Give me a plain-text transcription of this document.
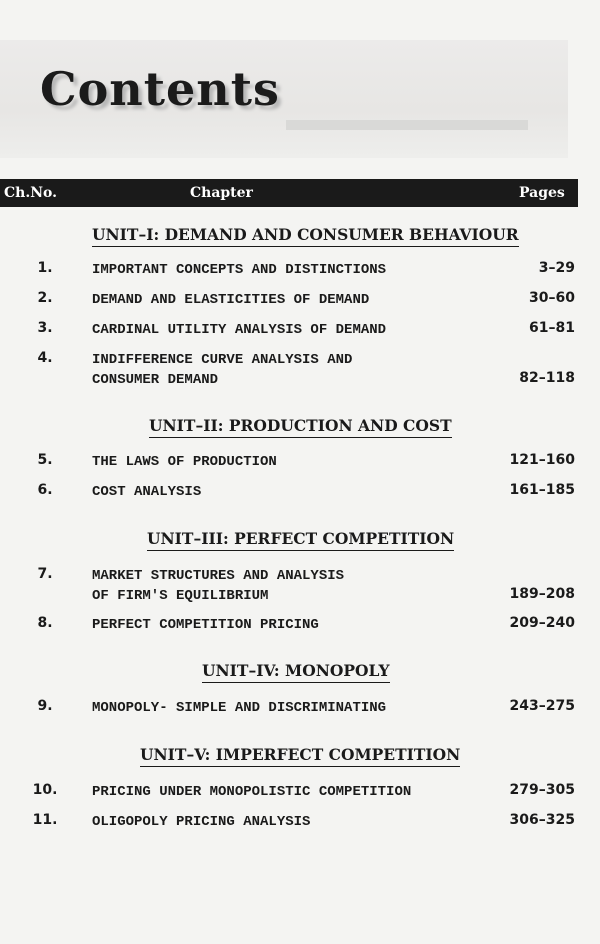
Contents
Ch.No.	Chapter	Pages
UNIT–I: DEMAND AND CONSUMER BEHAVIOUR
1.	IMPORTANT CONCEPTS AND DISTINCTIONS	3–29
2.	DEMAND AND ELASTICITIES OF DEMAND	30–60
3.	CARDINAL UTILITY ANALYSIS OF DEMAND	61–81
4.	INDIFFERENCE CURVE ANALYSIS AND
CONSUMER DEMAND	82–118
UNIT–II: PRODUCTION AND COST
5.	THE LAWS OF PRODUCTION	121–160
6.	COST ANALYSIS	161–185
UNIT–III: PERFECT COMPETITION
7.	MARKET STRUCTURES AND ANALYSIS
OF FIRM'S EQUILIBRIUM	189–208
8.	PERFECT COMPETITION PRICING	209–240
UNIT–IV: MONOPOLY
9.	MONOPOLY- SIMPLE AND DISCRIMINATING	243–275
UNIT–V: IMPERFECT COMPETITION
10. PRICING UNDER MONOPOLISTIC COMPETITION	279–305
11. OLIGOPOLY PRICING ANALYSIS	306–325
